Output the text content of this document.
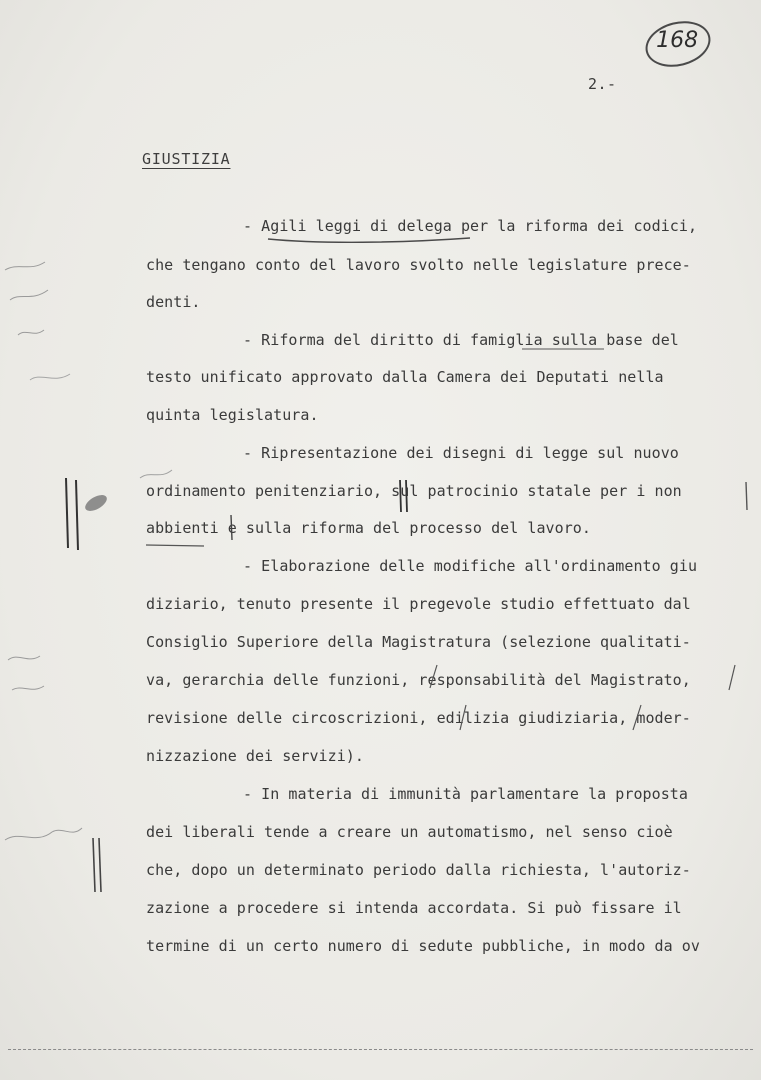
168
2.-
GIUSTIZIA
- Agili leggi di delega per la riforma dei codici,
che tengano conto del lavoro svolto nelle legislature prece-
denti.
- Riforma del diritto di famiglia sulla base del
testo unificato approvato dalla Camera dei Deputati nella
quinta legislatura.
- Ripresentazione dei disegni di legge sul nuovo
ordinamento penitenziario, sul patrocinio statale per i non
abbienti e sulla riforma del processo del lavoro.
- Elaborazione delle modifiche all'ordinamento giu
diziario, tenuto presente il pregevole studio effettuato dal
Consiglio Superiore della Magistratura (selezione qualitati-
va, gerarchia delle funzioni, responsabilità del Magistrato,
revisione delle circoscrizioni, edilizia giudiziaria, moder-
nizzazione dei servizi).
- In materia di immunità parlamentare la proposta
dei liberali tende a creare un automatismo, nel senso cioè
che, dopo un determinato periodo dalla richiesta, l'autoriz-
zazione a procedere si intenda accordata. Si può fissare il
termine di un certo numero di sedute pubbliche, in modo da ov
